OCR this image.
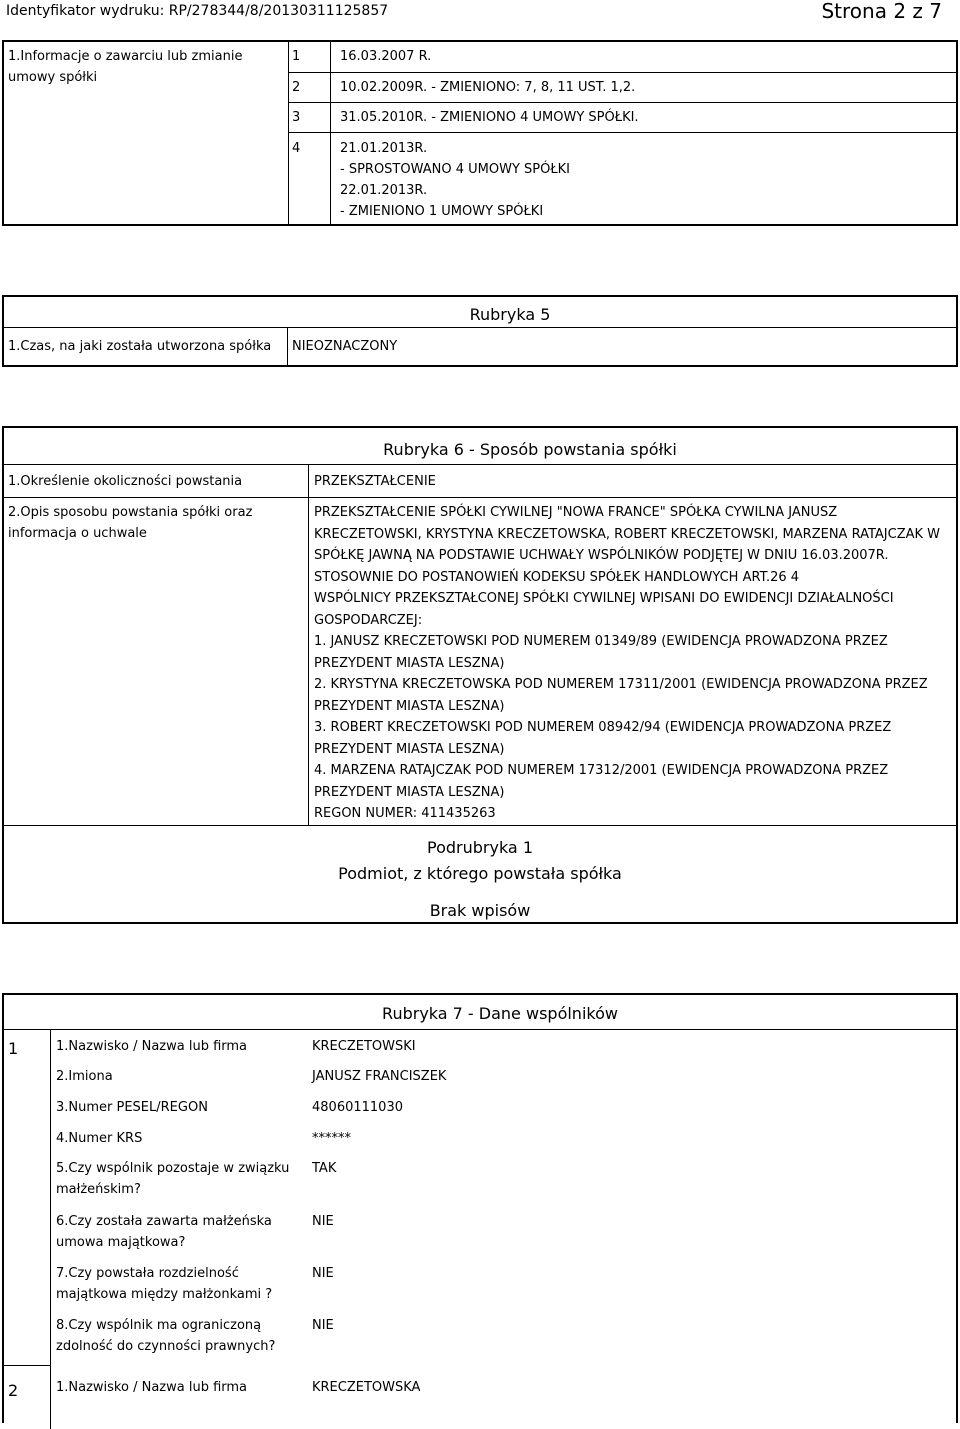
Identyfikator wydruku: RP/278344/8/20130311125857	Strona 2 z 7
1.Informacje o zawarciu lub zmianie
umowy spółki
1	16.03.2007 R.
2	10.02.2009R. - ZMIENIONO: 7, 8, 11 UST. 1,2.
3	31.05.2010R. - ZMIENIONO 4 UMOWY SPÓŁKI.
4	21.01.2013R.
- SPROSTOWANO 4 UMOWY SPÓŁKI
22.01.2013R.
- ZMIENIONO 1 UMOWY SPÓŁKI
Rubryka 5
1.Czas, na jaki została utworzona spółka NIEOZNACZONY
Rubryka 6 - Sposób powstania spółki
1.Określenie okoliczności powstania	PRZEKSZTAŁCENIE
2.Opis sposobu powstania spółki oraz
informacja o uchwale
PRZEKSZTAŁCENIE SPÓŁKI CYWILNEJ "NOWA FRANCE" SPÓŁKA CYWILNA JANUSZ
KRECZETOWSKI, KRYSTYNA KRECZETOWSKA, ROBERT KRECZETOWSKI, MARZENA RATAJCZAK W
SPÓŁKĘ JAWNĄ NA PODSTAWIE UCHWAŁY WSPÓLNIKÓW PODJĘTEJ W DNIU 16.03.2007R.
STOSOWNIE DO POSTANOWIEŃ KODEKSU SPÓŁEK HANDLOWYCH ART.26 4
WSPÓLNICY PRZEKSZTAŁCONEJ SPÓŁKI CYWILNEJ WPISANI DO EWIDENCJI DZIAŁALNOŚCI
GOSPODARCZEJ:
1. JANUSZ KRECZETOWSKI POD NUMEREM 01349/89 (EWIDENCJA PROWADZONA PRZEZ
PREZYDENT MIASTA LESZNA)
2. KRYSTYNA KRECZETOWSKA POD NUMEREM 17311/2001 (EWIDENCJA PROWADZONA PRZEZ
PREZYDENT MIASTA LESZNA)
3. ROBERT KRECZETOWSKI POD NUMEREM 08942/94 (EWIDENCJA PROWADZONA PRZEZ
PREZYDENT MIASTA LESZNA)
4. MARZENA RATAJCZAK POD NUMEREM 17312/2001 (EWIDENCJA PROWADZONA PRZEZ
PREZYDENT MIASTA LESZNA)
REGON NUMER: 411435263
Podrubryka 1
Podmiot, z którego powstała spółka
Brak wpisów
Rubryka 7 - Dane wspólników
1	1.Nazwisko / Nazwa lub firma	KRECZETOWSKI
2.Imiona	JANUSZ FRANCISZEK
3.Numer PESEL/REGON	48060111030
4.Numer KRS	******
5.Czy wspólnik pozostaje w związku
małżeńskim?
TAK
6.Czy została zawarta małżeńska
umowa majątkowa?
NIE
7.Czy powstała rozdzielność
majątkowa między małżonkami ?
NIE
8.Czy wspólnik ma ograniczoną
zdolność do czynności prawnych?
NIE
2	1.Nazwisko / Nazwa lub firma	KRECZETOWSKA
